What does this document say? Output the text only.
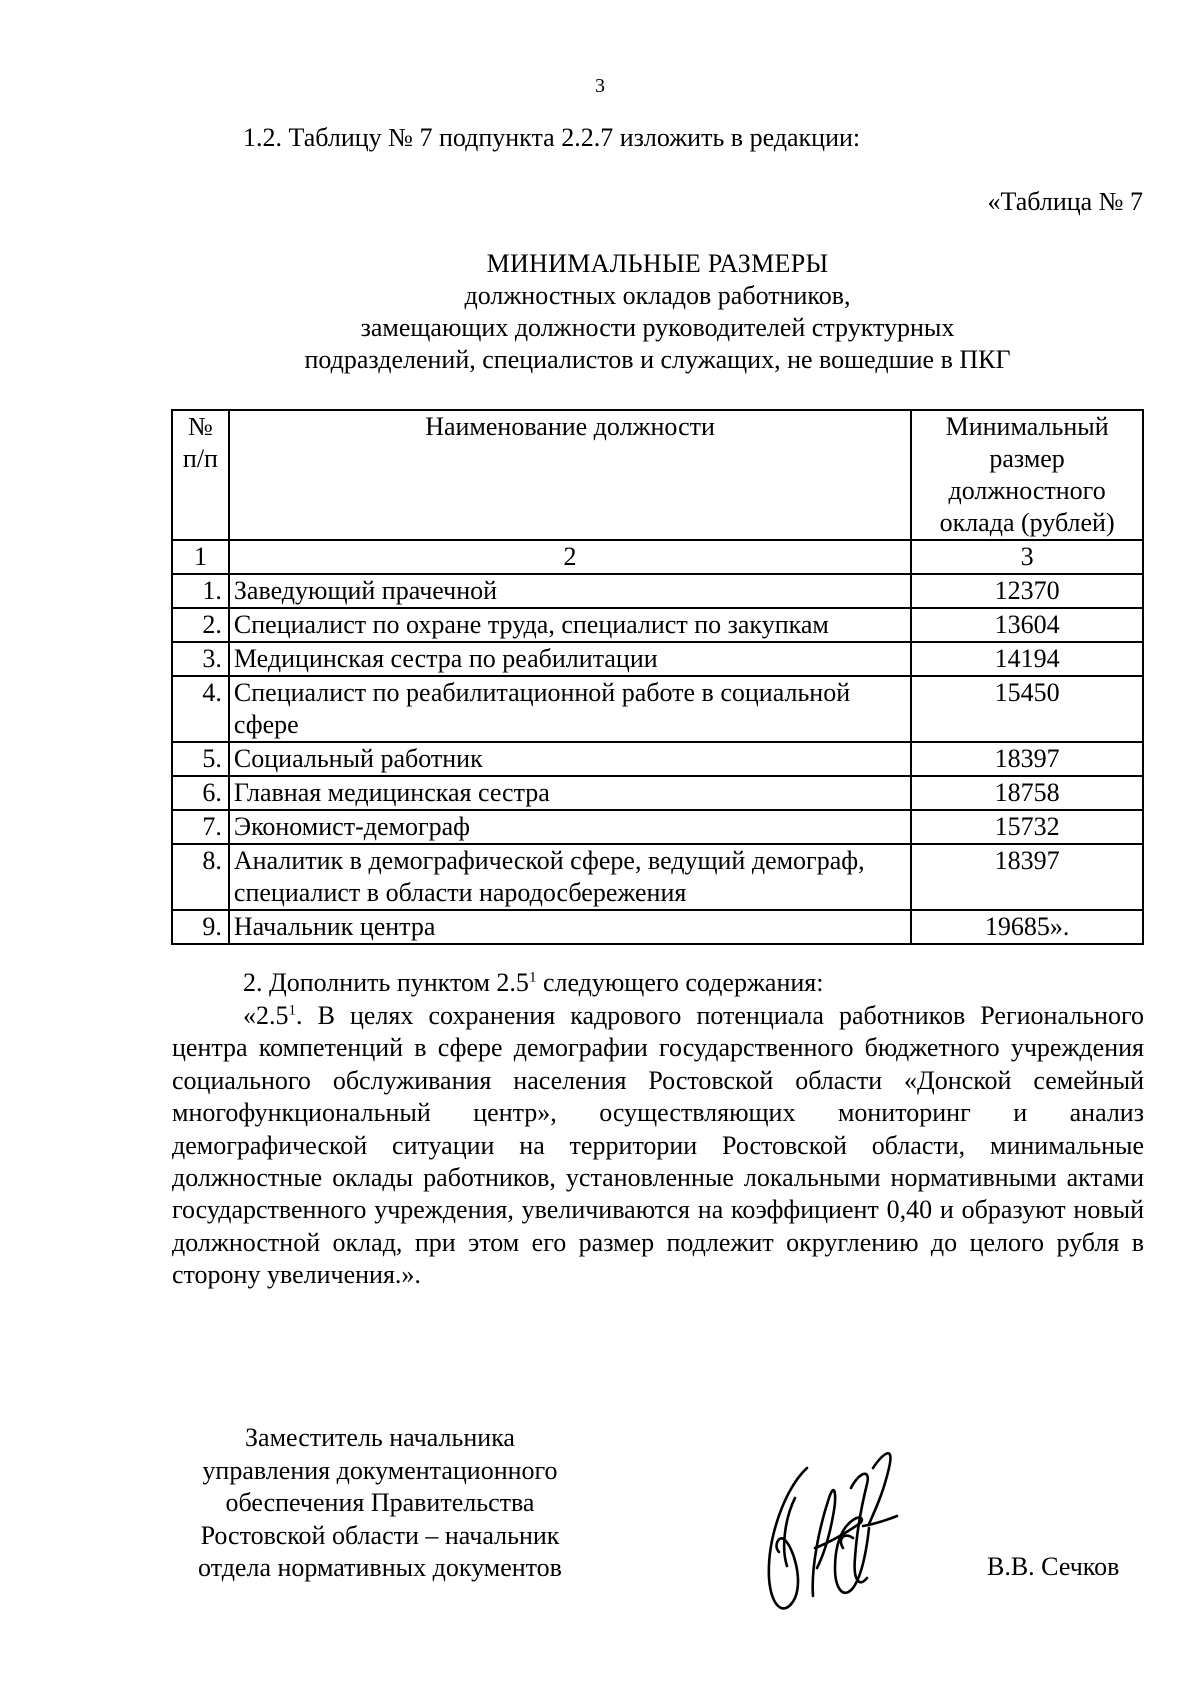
3
1.2. Таблицу № 7 подпункта 2.2.7 изложить в редакции:
«Таблица № 7
МИНИМАЛЬНЫЕ РАЗМЕРЫ
должностных окладов работников,
замещающих должности руководителей структурных
подразделений, специалистов и служащих, не вошедшие в ПКГ
№ п/п	Наименование должности	Минимальный размер должностного оклада (рублей)
1	2	3
1.	Заведующий прачечной	12370
2.	Специалист по охране труда, специалист по закупкам	13604
3.	Медицинская сестра по реабилитации	14194
4.	Специалист по реабилитационной работе в социальной сфере	15450
5.	Социальный работник	18397
6.	Главная медицинская сестра	18758
7.	Экономист-демограф	15732
8.	Аналитик в демографической сфере, ведущий демограф, специалист в области народосбережения	18397
9.	Начальник центра	19685».
2. Дополнить пунктом $2.5^1$ следующего содержания:
«$2.5^1$. В целях сохранения кадрового потенциала работников Регионального центра компетенций в сфере демографии государственного бюджетного учреждения социального обслуживания населения Ростовской области «Донской семейный многофункциональный центр», осуществляющих мониторинг и анализ демографической ситуации на территории Ростовской области, минимальные должностные оклады работников, установленные локальными нормативными актами государственного учреждения, увеличиваются на коэффициент 0,40 и образуют новый должностной оклад, при этом его размер подлежит округлению до целого рубля в сторону увеличения.».
Заместитель начальника
управления документационного
обеспечения Правительства
Ростовской области – начальник
отдела нормативных документов	В.В. Сечков
